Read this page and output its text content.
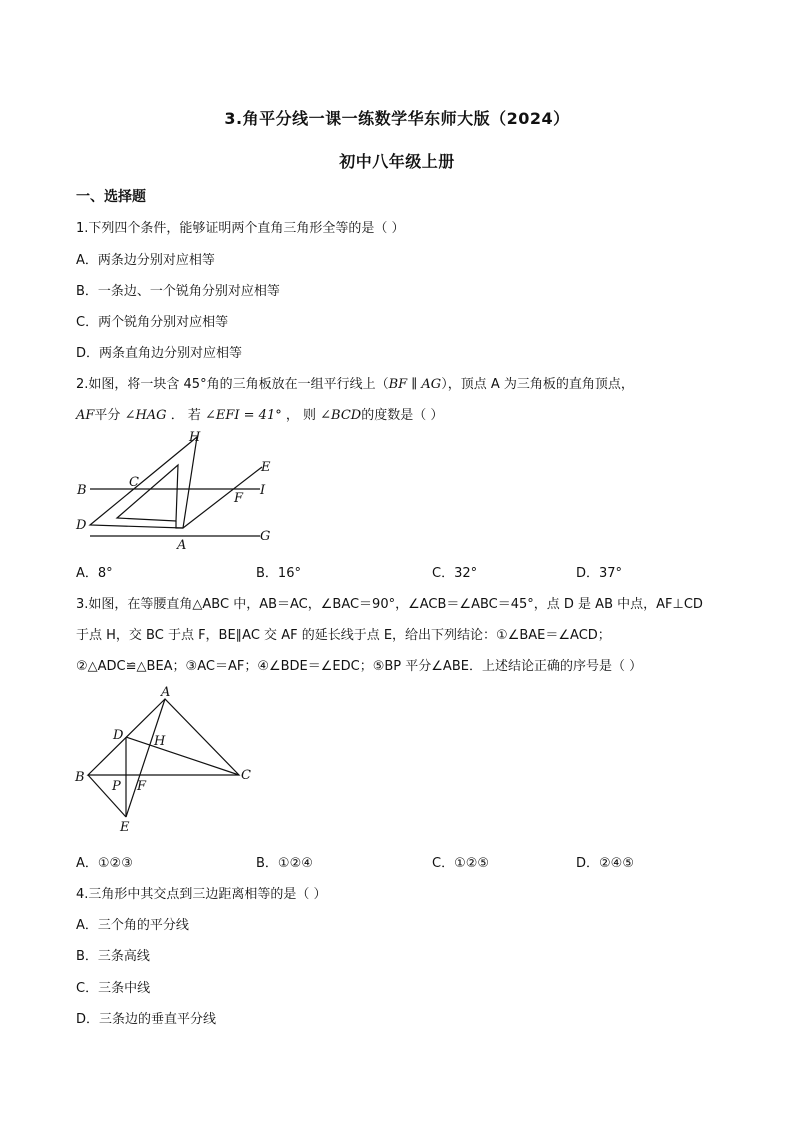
3.角平分线一课一练数学华东师大版（2024）
初中八年级上册
一、选择题
1.下列四个条件，能够证明两个直角三角形全等的是（ ）
A．两条边分别对应相等
B．一条边、一个锐角分别对应相等
C．两个锐角分别对应相等
D．两条直角边分别对应相等
2.如图，将一块含 45°角的三角板放在一组平行线上（BF ∥ AG），顶点 A 为三角板的直角顶点，
AF平分 ∠HAG ． 若 ∠EFI = 41° ， 则 ∠BCD的度数是（ ）
H
E
B
C
I
F
D
G
A
A．8°	B．16°	C．32°	D．37°
3.如图，在等腰直角△ABC 中，AB＝AC，∠BAC＝90°，∠ACB＝∠ABC＝45°，点 D 是 AB 中点，AF⊥CD
于点 H，交 BC 于点 F，BE∥AC 交 AF 的延长线于点 E，给出下列结论：①∠BAE＝∠ACD；
②△ADC≌△BEA；③AC＝AF；④∠BDE＝∠EDC；⑤BP 平分∠ABE．上述结论正确的序号是（ ）
A
D H
B	C
P F
E
A．①②③	B．①②④	C．①②⑤	D．②④⑤
4.三角形中其交点到三边距离相等的是（ ）
A．三个角的平分线
B．三条高线
C．三条中线
D．三条边的垂直平分线
